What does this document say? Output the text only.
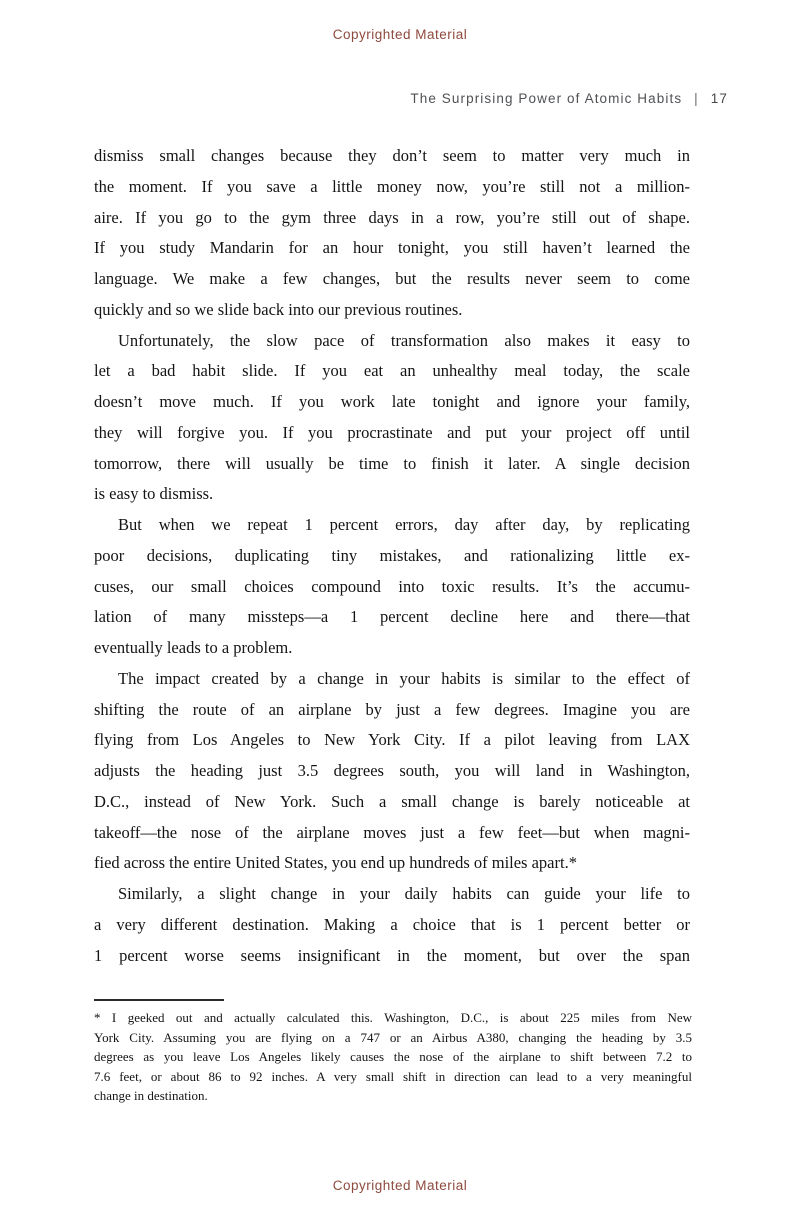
Copyrighted Material
The Surprising Power of Atomic Habits | 17
dismiss small changes because they don’t seem to matter very much in
the moment. If you save a little money now, you’re still not a million-
aire. If you go to the gym three days in a row, you’re still out of shape.
If you study Mandarin for an hour tonight, you still haven’t learned the
language. We make a few changes, but the results never seem to come
quickly and so we slide back into our previous routines.
Unfortunately, the slow pace of transformation also makes it easy to
let a bad habit slide. If you eat an unhealthy meal today, the scale
doesn’t move much. If you work late tonight and ignore your family,
they will forgive you. If you procrastinate and put your project off until
tomorrow, there will usually be time to finish it later. A single decision
is easy to dismiss.
But when we repeat 1 percent errors, day after day, by replicating
poor decisions, duplicating tiny mistakes, and rationalizing little ex-
cuses, our small choices compound into toxic results. It’s the accumu-
lation of many missteps—a 1 percent decline here and there—that
eventually leads to a problem.
The impact created by a change in your habits is similar to the effect of
shifting the route of an airplane by just a few degrees. Imagine you are
flying from Los Angeles to New York City. If a pilot leaving from LAX
adjusts the heading just 3.5 degrees south, you will land in Washington,
D.C., instead of New York. Such a small change is barely noticeable at
takeoff—the nose of the airplane moves just a few feet—but when magni-
fied across the entire United States, you end up hundreds of miles apart.*
Similarly, a slight change in your daily habits can guide your life to
a very different destination. Making a choice that is 1 percent better or
1 percent worse seems insignificant in the moment, but over the span
* I geeked out and actually calculated this. Washington, D.C., is about 225 miles from New
York City. Assuming you are flying on a 747 or an Airbus A380, changing the heading by 3.5
degrees as you leave Los Angeles likely causes the nose of the airplane to shift between 7.2 to
7.6 feet, or about 86 to 92 inches. A very small shift in direction can lead to a very meaningful
change in destination.
Copyrighted Material
